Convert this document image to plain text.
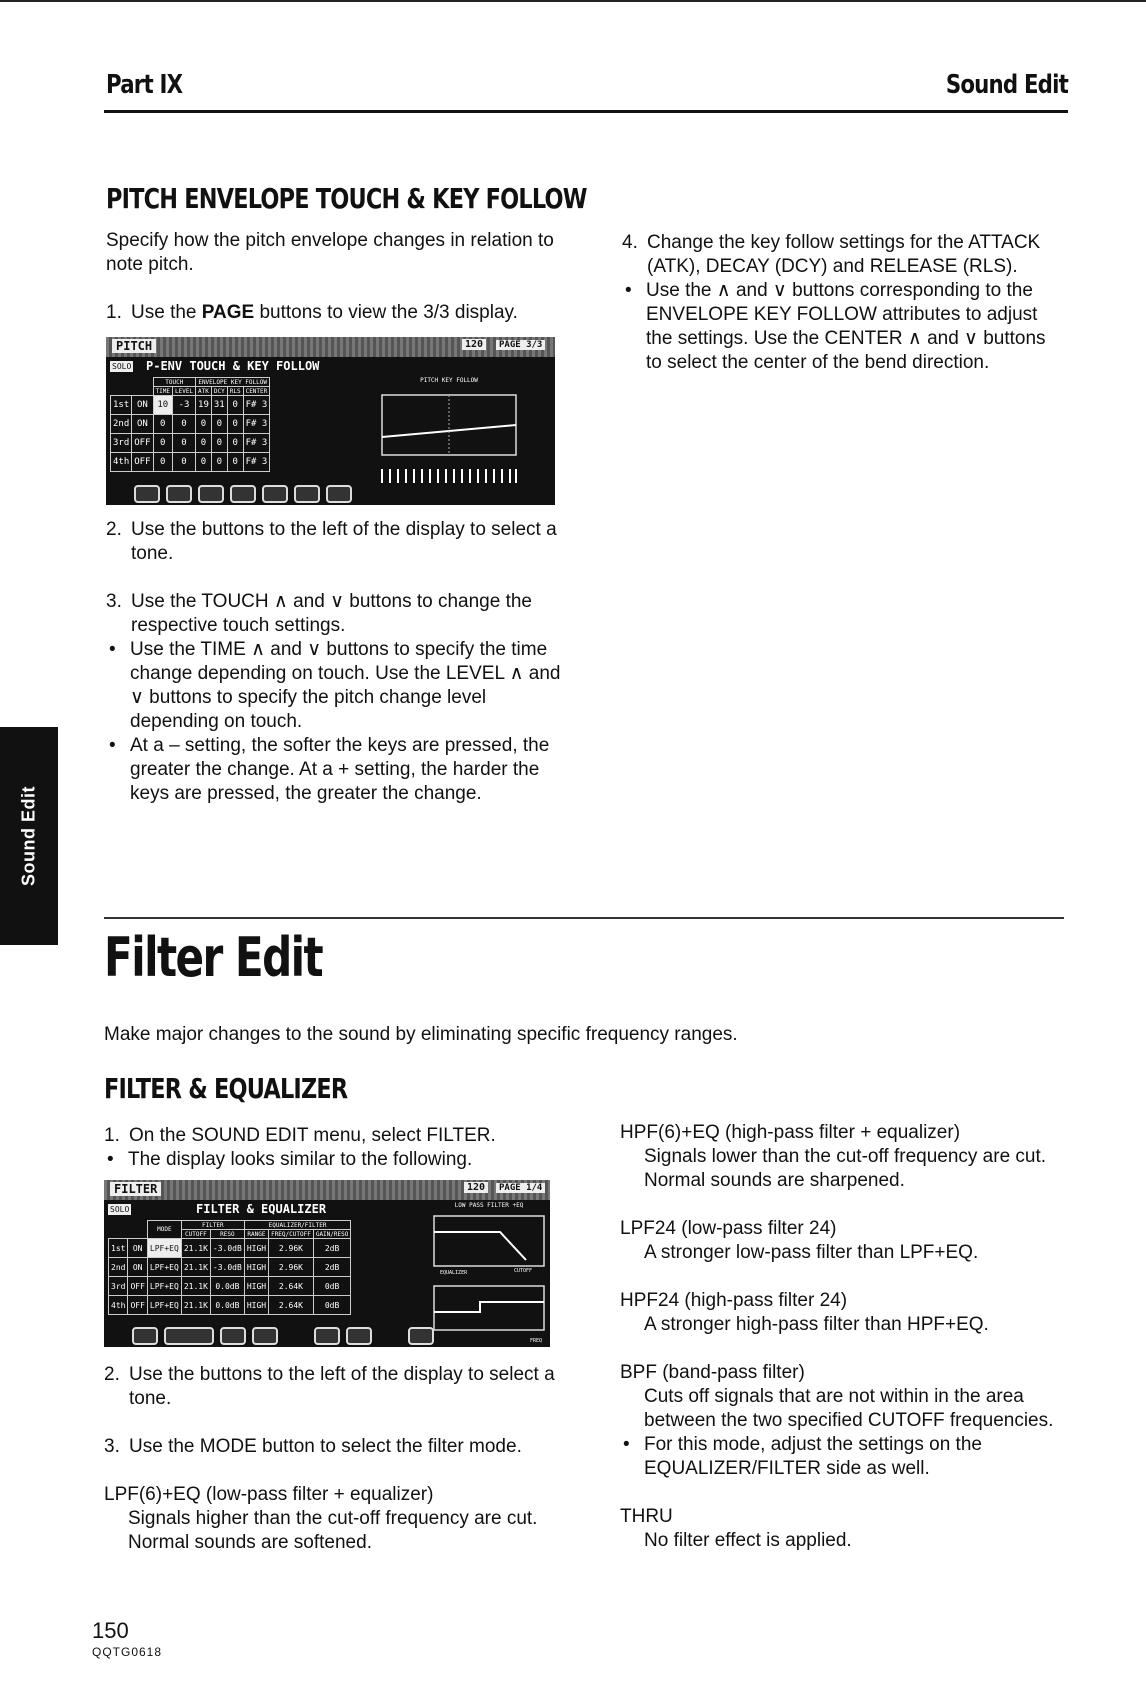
Part IX	Sound Edit
Sound Edit
PITCH ENVELOPE TOUCH & KEY FOLLOW

Specify how the pitch envelope changes in relation to note pitch.

1. Use the PAGE buttons to view the 3/3 display.

PITCH	120	PAGE 3/3
SOLO P-ENV TOUCH & KEY FOLLOW
		TOUCH		ENVELOPE KEY FOLLOW			
		TIME	LEVEL	ATK	DCY	RLS	CENTER
1st	ON	10	-3	19	31	0	F# 3
2nd	ON	0	0	0	0	0	F# 3
3rd	OFF	0	0	0	0	0	F# 3
4th	OFF	0	0	0	0	0	F# 3
PITCH KEY FOLLOW

2. Use the buttons to the left of the display to select a tone.

3. Use the TOUCH ∧ and ∨ buttons to change the respective touch settings.

• Use the TIME ∧ and ∨ buttons to specify the time change depending on touch. Use the LEVEL ∧ and ∨ buttons to specify the pitch change level depending on touch.

• At a – setting, the softer the keys are pressed, the greater the change. At a + setting, the harder the keys are pressed, the greater the change.

4. Change the key follow settings for the ATTACK (ATK), DECAY (DCY) and RELEASE (RLS).

• Use the ∧ and ∨ buttons corresponding to the ENVELOPE KEY FOLLOW attributes to adjust the settings. Use the CENTER ∧ and ∨ buttons to select the center of the bend direction.

Filter Edit

Make major changes to the sound by eliminating specific frequency ranges.

FILTER & EQUALIZER

1. On the SOUND EDIT menu, select FILTER.

• The display looks similar to the following.

FILTER	120	PAGE 1/4
SOLO	FILTER & EQUALIZER
		MODE	FILTER		EQUALIZER/FILTER		
			CUTOFF	RESO	RANGE	FREQ/CUTOFF	GAIN/RESO
1st	ON	LPF+EQ	21.1K	-3.0dB	HIGH	2.96K	2dB
2nd	ON	LPF+EQ	21.1K	-3.0dB	HIGH	2.96K	2dB
3rd	OFF	LPF+EQ	21.1K	0.0dB	HIGH	2.64K	0dB
4th	OFF	LPF+EQ	21.1K	0.0dB	HIGH	2.64K	0dB
LOW PASS FILTER +EQ
EQUALIZER	CUTOFF
FREQ

2. Use the buttons to the left of the display to select a tone.

3. Use the MODE button to select the filter mode.

LPF(6)+EQ (low-pass filter + equalizer)

Signals higher than the cut-off frequency are cut. Normal sounds are softened.

HPF(6)+EQ (high-pass filter + equalizer)

Signals lower than the cut-off frequency are cut. Normal sounds are sharpened.

LPF24 (low-pass filter 24)

A stronger low-pass filter than LPF+EQ.

HPF24 (high-pass filter 24)

A stronger high-pass filter than HPF+EQ.

BPF (band-pass filter)

Cuts off signals that are not within in the area between the two specified CUTOFF frequencies.

• For this mode, adjust the settings on the EQUALIZER/FILTER side as well.

THRU

No filter effect is applied.

150
QQTG0618
